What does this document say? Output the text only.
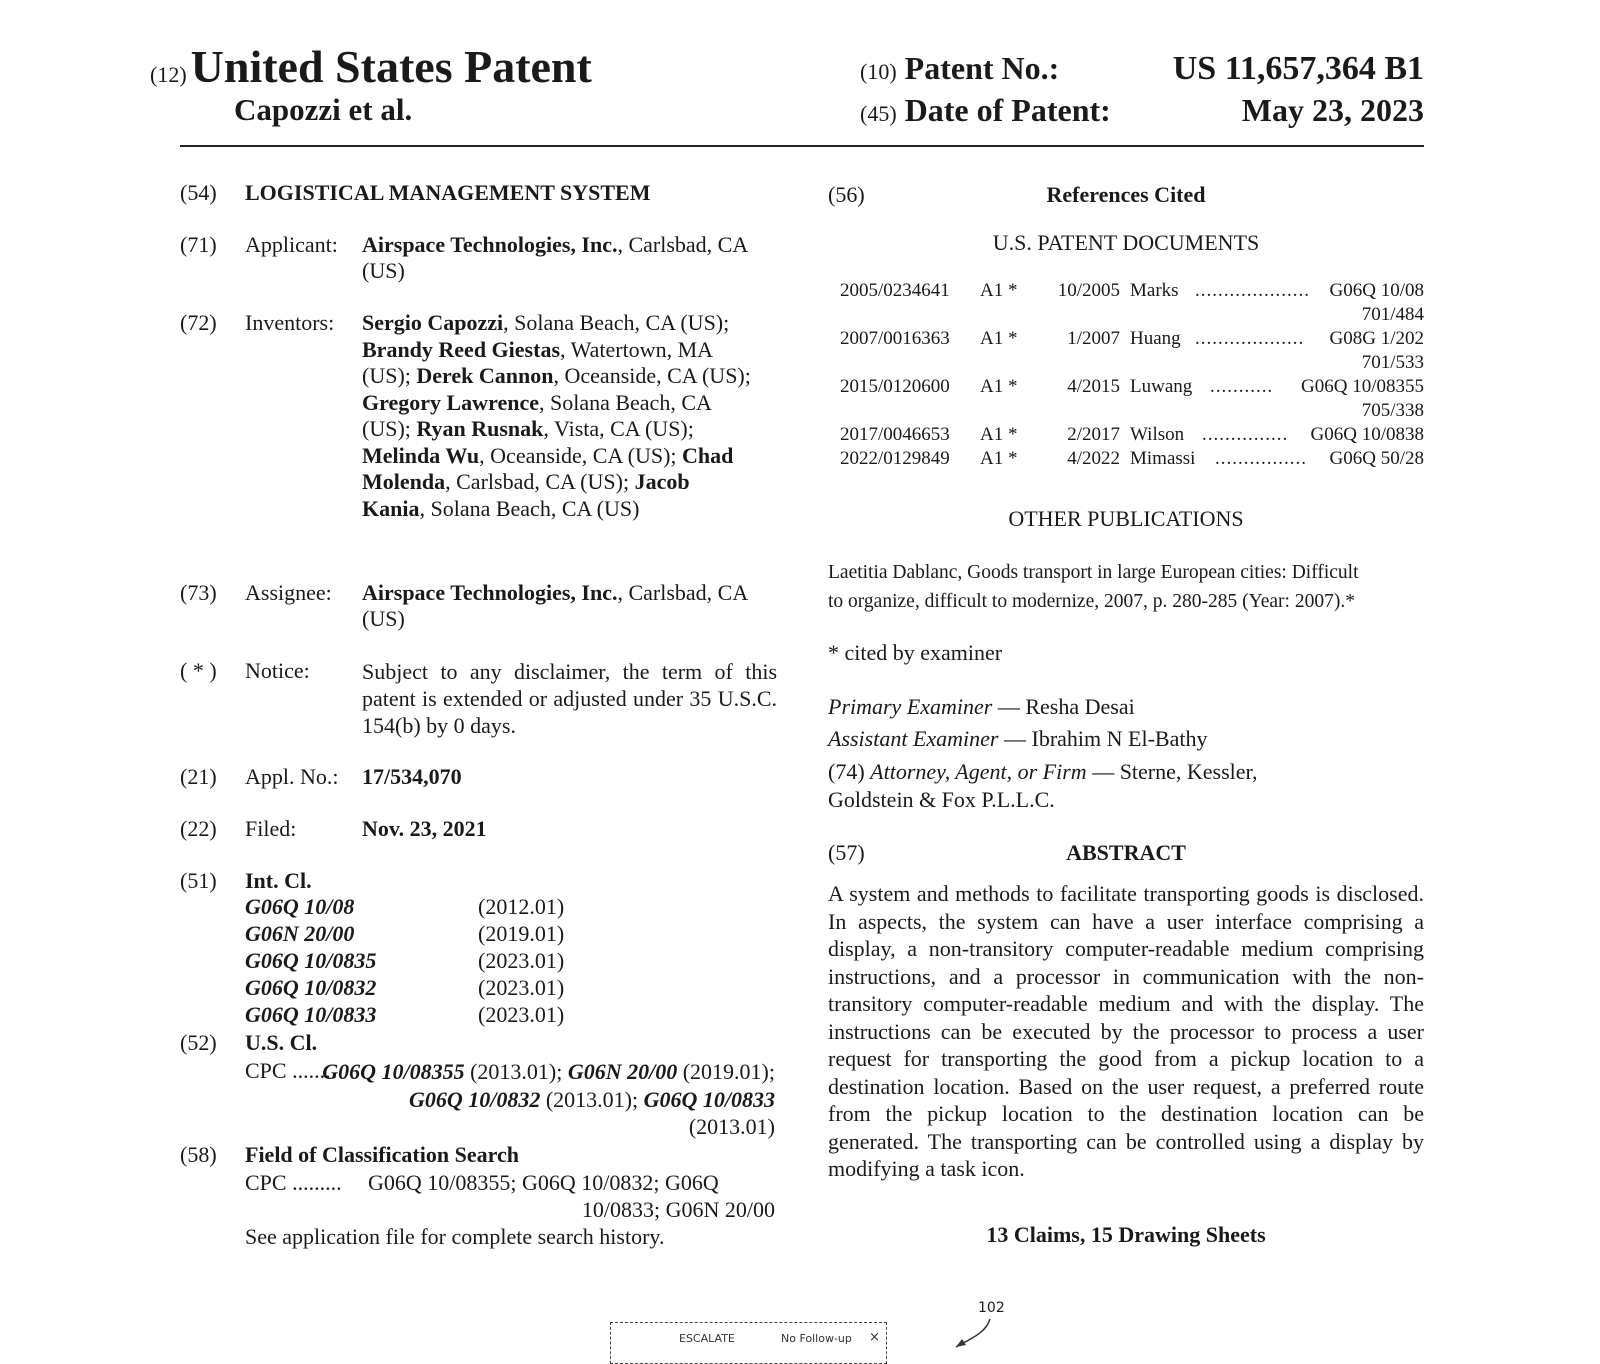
(12) United States Patent
Capozzi et al.
(10) Patent No.:	US 11,657,364 B1
(45) Date of Patent:	May 23, 2023
(54) LOGISTICAL MANAGEMENT SYSTEM
(71) Applicant: Airspace Technologies, Inc., Carlsbad, CA (US)
(72) Inventors: Sergio Capozzi, Solana Beach, CA (US); Brandy Reed Giestas, Watertown, MA (US); Derek Cannon, Oceanside, CA (US); Gregory Lawrence, Solana Beach, CA (US); Ryan Rusnak, Vista, CA (US); Melinda Wu, Oceanside, CA (US); Chad Molenda, Carlsbad, CA (US); Jacob Kania, Solana Beach, CA (US)
(73) Assignee: Airspace Technologies, Inc., Carlsbad, CA (US)
( * ) Notice: Subject to any disclaimer, the term of this patent is extended or adjusted under 35 U.S.C. 154(b) by 0 days.
(21) Appl. No.: 17/534,070
(22) Filed:	Nov. 23, 2021
(51) Int. Cl.
G06Q 10/08	(2012.01)
G06N 20/00	(2019.01)
G06Q 10/0835	(2023.01)
G06Q 10/0832	(2023.01)
G06Q 10/0833	(2023.01)
(52) U.S. Cl.
CPC .......
G06Q 10/08355 (2013.01); G06N 20/00 (2019.01); G06Q 10/0832 (2013.01); G06Q 10/0833 (2013.01)
(58) Field of Classification Search
CPC ......... G06Q 10/08355; G06Q 10/0832; G06Q
10/0833; G06N 20/00
See application file for complete search history.
(56)	References Cited
U.S. PATENT DOCUMENTS
2005/0234641 A1 *	10/2005 Marks .................... G06Q 10/08
701/484
2007/0016363 A1 *	1/2007 Huang ................... G08G 1/202
701/533
2015/0120600 A1 *	4/2015 Luwang ........... G06Q 10/08355
705/338
2017/0046653 A1 *	2/2017 Wilson ............... G06Q 10/0838
2022/0129849 A1 *	4/2022 Mimassi ................ G06Q 50/28
OTHER PUBLICATIONS
Laetitia Dablanc, Goods transport in large European cities: Difficult
to organize, difficult to modernize, 2007, p. 280-285 (Year: 2007).*
* cited by examiner
Primary Examiner — Resha Desai
Assistant Examiner — Ibrahim N El-Bathy
(74) Attorney, Agent, or Firm — Sterne, Kessler,
Goldstein & Fox P.L.L.C.
(57)	ABSTRACT
A system and methods to facilitate transporting goods is disclosed. In aspects, the system can have a user interface comprising a display, a non-transitory computer-readable medium comprising instructions, and a processor in communication with the non-transitory computer-readable medium and with the display. The instructions can be executed by the processor to process a user request for transporting the good from a pickup location to a destination location. Based on the user request, a preferred route from the pickup location to the destination location can be generated. The transporting can be controlled using a display by modifying a task icon.
13 Claims, 15 Drawing Sheets
102
ESCALATE	No Follow-up ×
